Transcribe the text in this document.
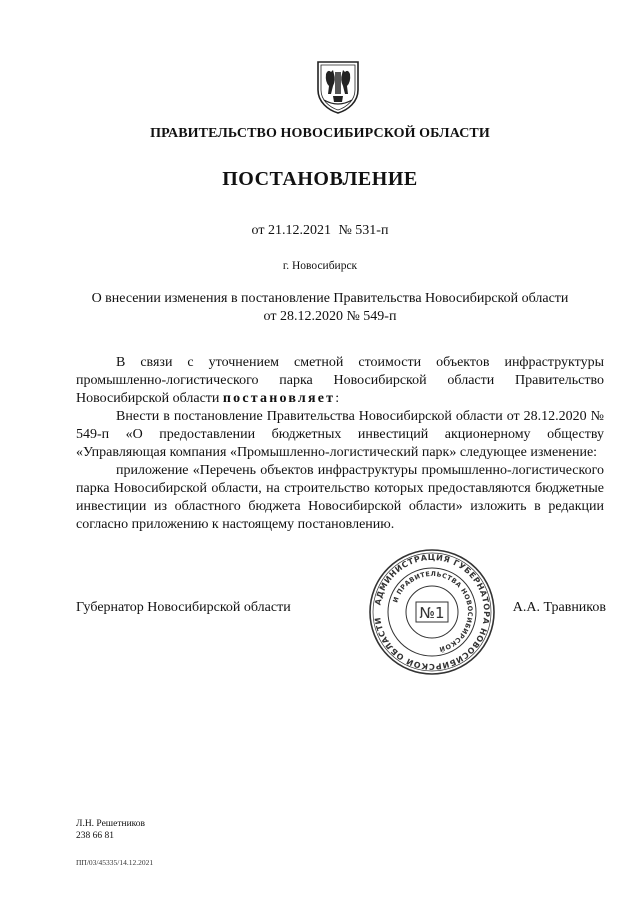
ПРАВИТЕЛЬСТВО НОВОСИБИРСКОЙ ОБЛАСТИ
ПОСТАНОВЛЕНИЕ
от 21.12.2021 № 531-п
г. Новосибирск
О внесении изменения в постановление Правительства Новосибирской области
от 28.12.2020 № 549-п

В связи с уточнением сметной стоимости объектов инфраструктуры промышленно-логистического парка Новосибирской области Правительство Новосибирской области постановляет:

Внести в постановление Правительства Новосибирской области от 28.12.2020 № 549-п «О предоставлении бюджетных инвестиций акционерному обществу «Управляющая компания «Промышленно-логистический парк» следующее изменение:

приложение «Перечень объектов инфраструктуры промышленно-логистического парка Новосибирской области, на строительство которых предоставляются бюджетные инвестиции из областного бюджета Новосибирской области» изложить в редакции согласно приложению к настоящему постановлению.

АДМИНИСТРАЦИЯ ГУБЕРНАТОРА НОВОСИБИРСКОЙ ОБЛАСТИ
И ПРАВИТЕЛЬСТВА НОВОСИБИРСКОЙ
№1
Губернатор Новосибирской области	А.А. Травников
Л.Н. Решетников
238 66 81
ПП/03/45335/14.12.2021
